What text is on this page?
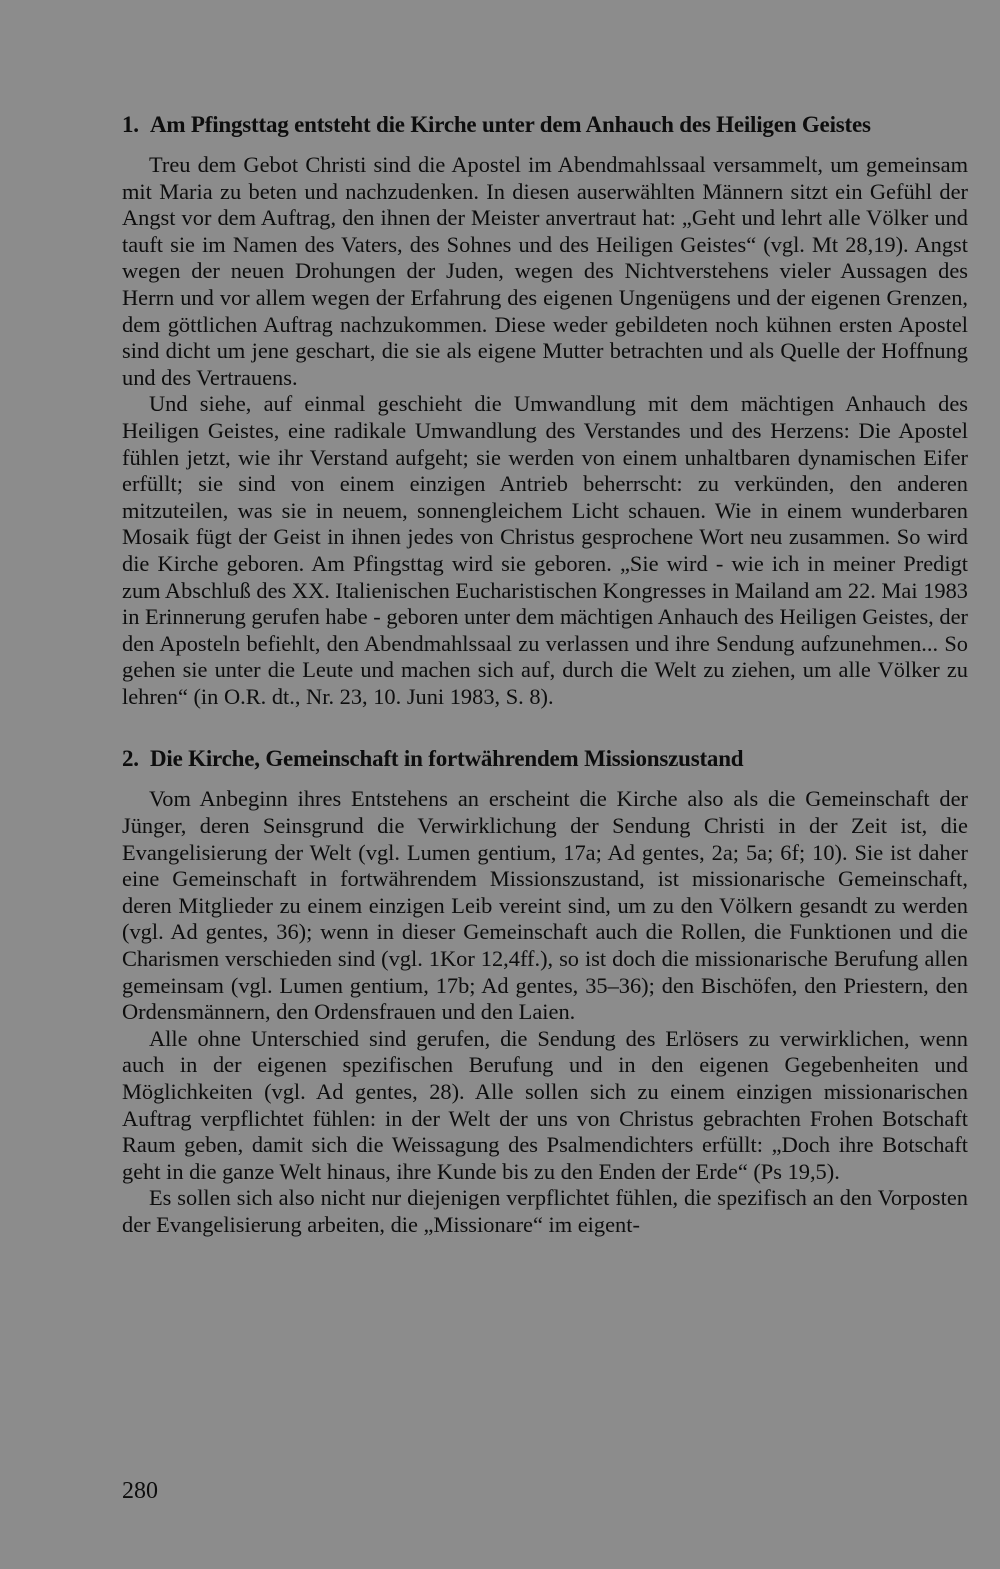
1. Am Pfingsttag entsteht die Kirche unter dem Anhauch des Heiligen Geistes

Treu dem Gebot Christi sind die Apostel im Abendmahlssaal versammelt, um gemeinsam mit Maria zu beten und nachzudenken. In diesen auserwählten Männern sitzt ein Gefühl der Angst vor dem Auftrag, den ihnen der Meister anvertraut hat: „Geht und lehrt alle Völker und tauft sie im Namen des Vaters, des Sohnes und des Heiligen Geistes“ (vgl. Mt 28,19). Angst wegen der neuen Drohungen der Juden, wegen des Nichtverstehens vieler Aussagen des Herrn und vor allem wegen der Erfahrung des eigenen Ungenügens und der eigenen Grenzen, dem göttlichen Auftrag nachzukommen. Diese weder gebildeten noch kühnen ersten Apostel sind dicht um jene geschart, die sie als eigene Mutter betrachten und als Quelle der Hoffnung und des Vertrauens.

Und siehe, auf einmal geschieht die Umwandlung mit dem mächtigen Anhauch des Heiligen Geistes, eine radikale Umwandlung des Verstandes und des Herzens: Die Apostel fühlen jetzt, wie ihr Verstand aufgeht; sie werden von einem unhaltbaren dynamischen Eifer erfüllt; sie sind von einem einzigen Antrieb beherrscht: zu verkünden, den anderen mitzuteilen, was sie in neuem, sonnengleichem Licht schauen. Wie in einem wunderbaren Mosaik fügt der Geist in ihnen jedes von Christus gesprochene Wort neu zusammen. So wird die Kirche geboren. Am Pfingsttag wird sie geboren. „Sie wird - wie ich in meiner Predigt zum Abschluß des XX. Italienischen Eucharistischen Kongresses in Mailand am 22. Mai 1983 in Erinnerung gerufen habe - geboren unter dem mächtigen Anhauch des Heiligen Geistes, der den Aposteln befiehlt, den Abendmahlssaal zu verlassen und ihre Sendung aufzunehmen... So gehen sie unter die Leute und machen sich auf, durch die Welt zu ziehen, um alle Völker zu lehren“ (in O.R. dt., Nr. 23, 10. Juni 1983, S. 8).

2. Die Kirche, Gemeinschaft in fortwährendem Missionszustand

Vom Anbeginn ihres Entstehens an erscheint die Kirche also als die Gemeinschaft der Jünger, deren Seinsgrund die Verwirklichung der Sendung Christi in der Zeit ist, die Evangelisierung der Welt (vgl. Lumen gentium, 17a; Ad gentes, 2a; 5a; 6f; 10). Sie ist daher eine Gemeinschaft in fortwährendem Missionszustand, ist missionarische Gemeinschaft, deren Mitglieder zu einem einzigen Leib vereint sind, um zu den Völkern gesandt zu werden (vgl. Ad gentes, 36); wenn in dieser Gemeinschaft auch die Rollen, die Funktionen und die Charismen verschieden sind (vgl. 1Kor 12,4ff.), so ist doch die missionarische Berufung allen gemeinsam (vgl. Lumen gentium, 17b; Ad gentes, 35–36); den Bischöfen, den Priestern, den Ordensmännern, den Ordensfrauen und den Laien.

Alle ohne Unterschied sind gerufen, die Sendung des Erlösers zu verwirklichen, wenn auch in der eigenen spezifischen Berufung und in den eigenen Gegebenheiten und Möglichkeiten (vgl. Ad gentes, 28). Alle sollen sich zu einem einzigen missionarischen Auftrag verpflichtet fühlen: in der Welt der uns von Christus gebrachten Frohen Botschaft Raum geben, damit sich die Weissagung des Psalmendichters erfüllt: „Doch ihre Botschaft geht in die ganze Welt hinaus, ihre Kunde bis zu den Enden der Erde“ (Ps 19,5).

Es sollen sich also nicht nur diejenigen verpflichtet fühlen, die spezifisch an den Vorposten der Evangelisierung arbeiten, die „Missionare“ im eigent-

280
